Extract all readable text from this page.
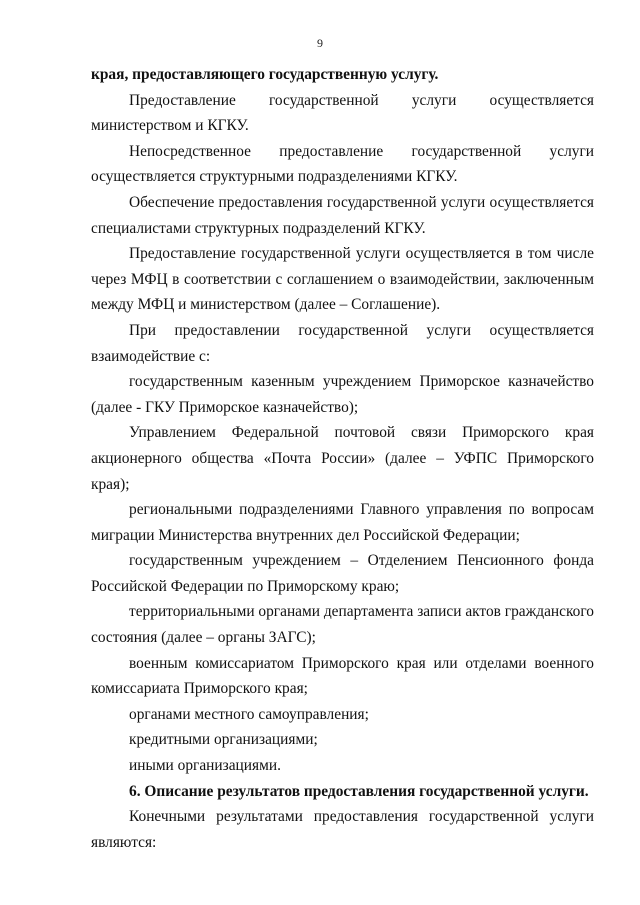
9

края, предоставляющего государственную услугу.

Предоставление государственной услуги осуществляется министерством и КГКУ.

Непосредственное предоставление государственной услуги осуществляется структурными подразделениями КГКУ.

Обеспечение предоставления государственной услуги осуществляется специалистами структурных подразделений КГКУ.

Предоставление государственной услуги осуществляется в том числе через МФЦ в соответствии с соглашением о взаимодействии, заключенным между МФЦ и министерством (далее – Соглашение).

При предоставлении государственной услуги осуществляется взаимодействие с:

государственным казенным учреждением Приморское казначейство (далее - ГКУ Приморское казначейство);

Управлением Федеральной почтовой связи Приморского края акционерного общества «Почта России» (далее – УФПС Приморского края);

региональными подразделениями Главного управления по вопросам миграции Министерства внутренних дел Российской Федерации;

государственным учреждением – Отделением Пенсионного фонда Российской Федерации по Приморскому краю;

территориальными органами департамента записи актов гражданского состояния (далее – органы ЗАГС);

военным комиссариатом Приморского края или отделами военного комиссариата Приморского края;

органами местного самоуправления;

кредитными организациями;

иными организациями.

6. Описание результатов предоставления государственной услуги.

Конечными результатами предоставления государственной услуги являются:
